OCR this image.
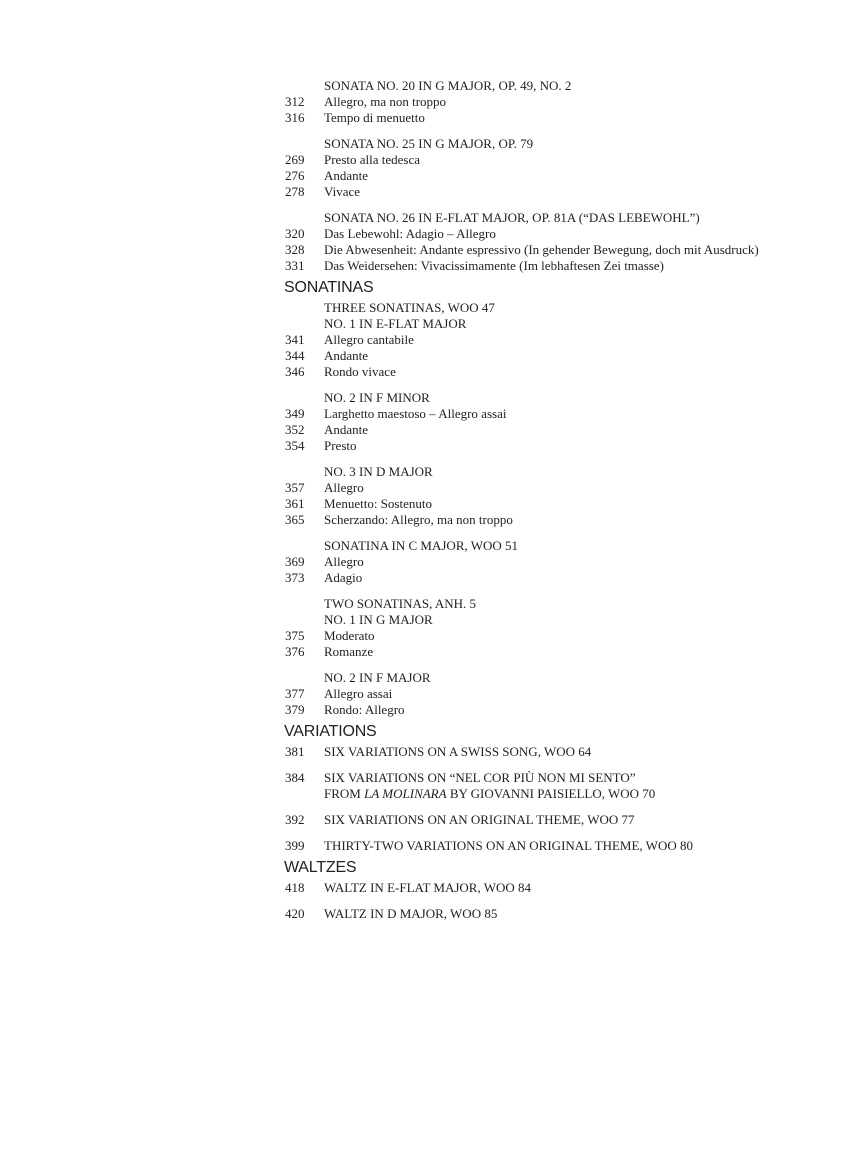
SONATA NO. 20 IN G MAJOR, OP. 49, NO. 2
312	Allegro, ma non troppo
316	Tempo di menuetto
SONATA NO. 25 IN G MAJOR, OP. 79
269	Presto alla tedesca
276	Andante
278	Vivace
SONATA NO. 26 IN E-FLAT MAJOR, OP. 81A (“DAS LEBEWOHL”)
320	Das Lebewohl: Adagio – Allegro
328	Die Abwesenheit: Andante espressivo (In gehender Bewegung, doch mit Ausdruck)
331	Das Weidersehen: Vivacissimamente (Im lebhaftesen Zei tmasse)
SONATINAS
THREE SONATINAS, WOO 47
NO. 1 IN E-FLAT MAJOR
341	Allegro cantabile
344	Andante
346	Rondo vivace
NO. 2 IN F MINOR
349	Larghetto maestoso – Allegro assai
352	Andante
354	Presto
NO. 3 IN D MAJOR
357	Allegro
361	Menuetto: Sostenuto
365	Scherzando: Allegro, ma non troppo
SONATINA IN C MAJOR, WOO 51
369	Allegro
373	Adagio
TWO SONATINAS, ANH. 5
NO. 1 IN G MAJOR
375	Moderato
376	Romanze
NO. 2 IN F MAJOR
377	Allegro assai
379	Rondo: Allegro
VARIATIONS
381	SIX VARIATIONS ON A SWISS SONG, WOO 64
384	SIX VARIATIONS ON “NEL COR PIÙ NON MI SENTO”
FROM LA MOLINARA BY GIOVANNI PAISIELLO, WOO 70
392	SIX VARIATIONS ON AN ORIGINAL THEME, WOO 77
399	THIRTY-TWO VARIATIONS ON AN ORIGINAL THEME, WOO 80
WALTZES
418	WALTZ IN E-FLAT MAJOR, WOO 84
420	WALTZ IN D MAJOR, WOO 85
